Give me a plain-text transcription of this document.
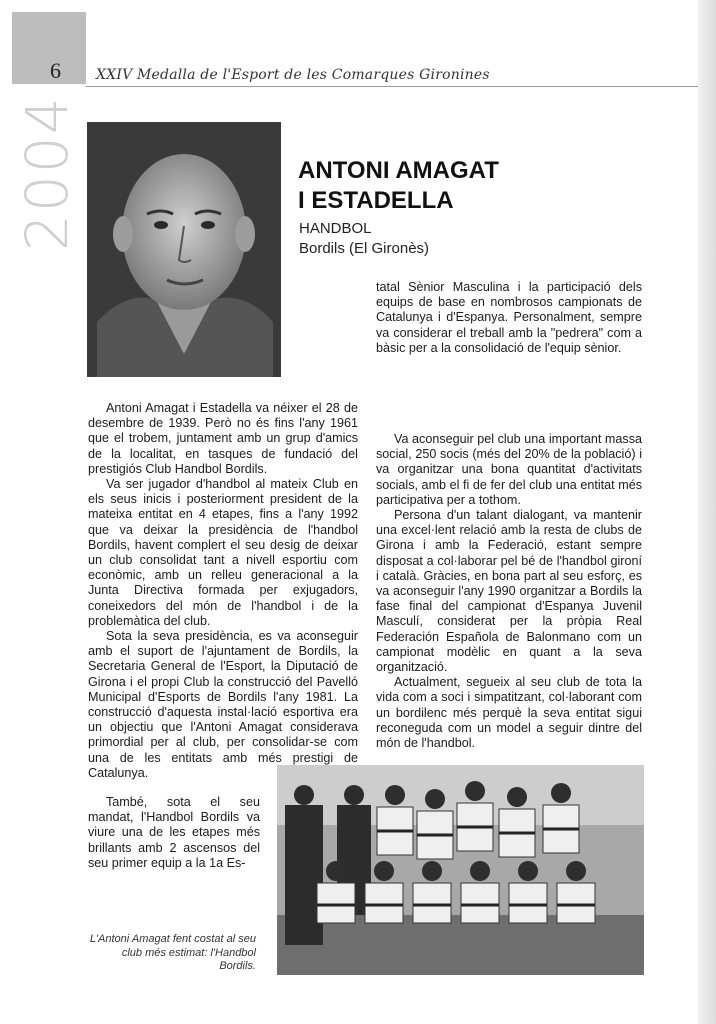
6	XXIV Medalla de l'Esport de les Comarques Gironines
2004	ANTONI AMAGAT
I ESTADELLA
HANDBOL
Bordils (El Gironès)

Antoni Amagat i Estadella va néixer el 28 de desembre de 1939. Però no és fins l'any 1961 que el trobem, juntament amb un grup d'amics de la localitat, en tasques de fundació del prestigiós Club Handbol Bordils.

Va ser jugador d'handbol al mateix Club en els seus inicis i posteriorment president de la mateixa entitat en 4 etapes, fins a l'any 1992 que va deixar la presidència de l'handbol Bordils, havent complert el seu desig de deixar un club consolidat tant a nivell esportiu com econòmic, amb un relleu generacional a la Junta Directiva formada per exjugadors, coneixedors del món de l'handbol i de la problemàtica del club.

Sota la seva presidència, es va aconseguir amb el suport de l'ajuntament de Bordils, la Secretaria General de l'Esport, la Diputació de Girona i el propi Club la construcció del Pavelló Municipal d'Esports de Bordils l'any 1981. La construcció d'aquesta instal·lació esportiva era un objectiu que l'Antoni Amagat considerava primordial per al club, per consolidar-se com una de les entitats amb més prestigi de Catalunya.

També, sota el seu mandat, l'Handbol Bordils va viure una de les etapes més brillants amb 2 ascensos del seu primer equip a la 1a Es-

tatal Sènior Masculina i la participació dels equips de base en nombrosos campionats de Catalunya i d'Espanya. Personalment, sempre va considerar el treball amb la "pedrera" com a bàsic per a la consolidació de l'equip sènior.

Va aconseguir pel club una important massa social, 250 socis (més del 20% de la població) i va organitzar una bona quantitat d'activitats socials, amb el fi de fer del club una entitat més participativa per a tothom.

Persona d'un talant dialogant, va mantenir una excel·lent relació amb la resta de clubs de Girona i amb la Federació, estant sempre disposat a col·laborar pel bé de l'handbol gironí i català. Gràcies, en bona part al seu esforç, es va aconseguir l'any 1990 organitzar a Bordils la fase final del campionat d'Espanya Juvenil Masculí, considerat per la pròpia Real Federación Española de Balonmano com un campionat modèlic en quant a la seva organització.

Actualment, segueix al seu club de tota la vida com a soci i simpatitzant, col·laborant com un bordilenc més perquè la seva entitat sigui reconeguda com un model a seguir dintre del món de l'handbol.

L'Antoni Amagat fent costat al seu club més estimat: l'Handbol Bordils.
